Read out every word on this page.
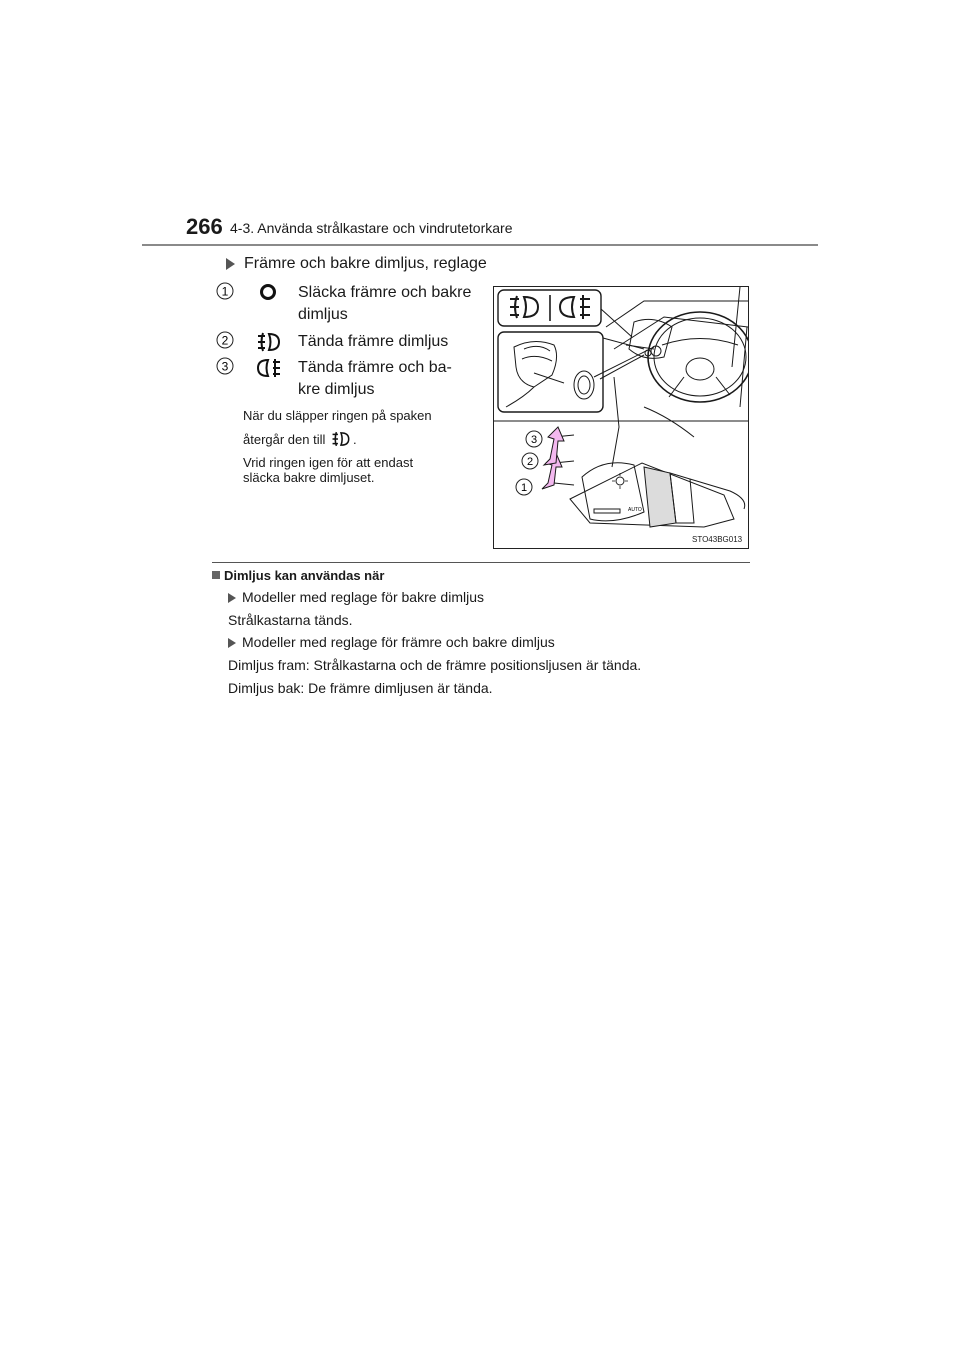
266 4-3. Använda strålkastare och vindrutetorkare
Främre och bakre dimljus, reglage
1	Släcka främre och bakre
dimljus
2	Tända främre dimljus
3	Tända främre och ba-
kre dimljus
När du släpper ringen på spaken
återgår den till .
Vrid ringen igen för att endast
släcka bakre dimljuset.
AUTO
3
2
1
STO43BG013
Dimljus kan användas när
Modeller med reglage för bakre dimljus
Strålkastarna tänds.
Modeller med reglage för främre och bakre dimljus
Dimljus fram: Strålkastarna och de främre positionsljusen är tända.
Dimljus bak: De främre dimljusen är tända.
